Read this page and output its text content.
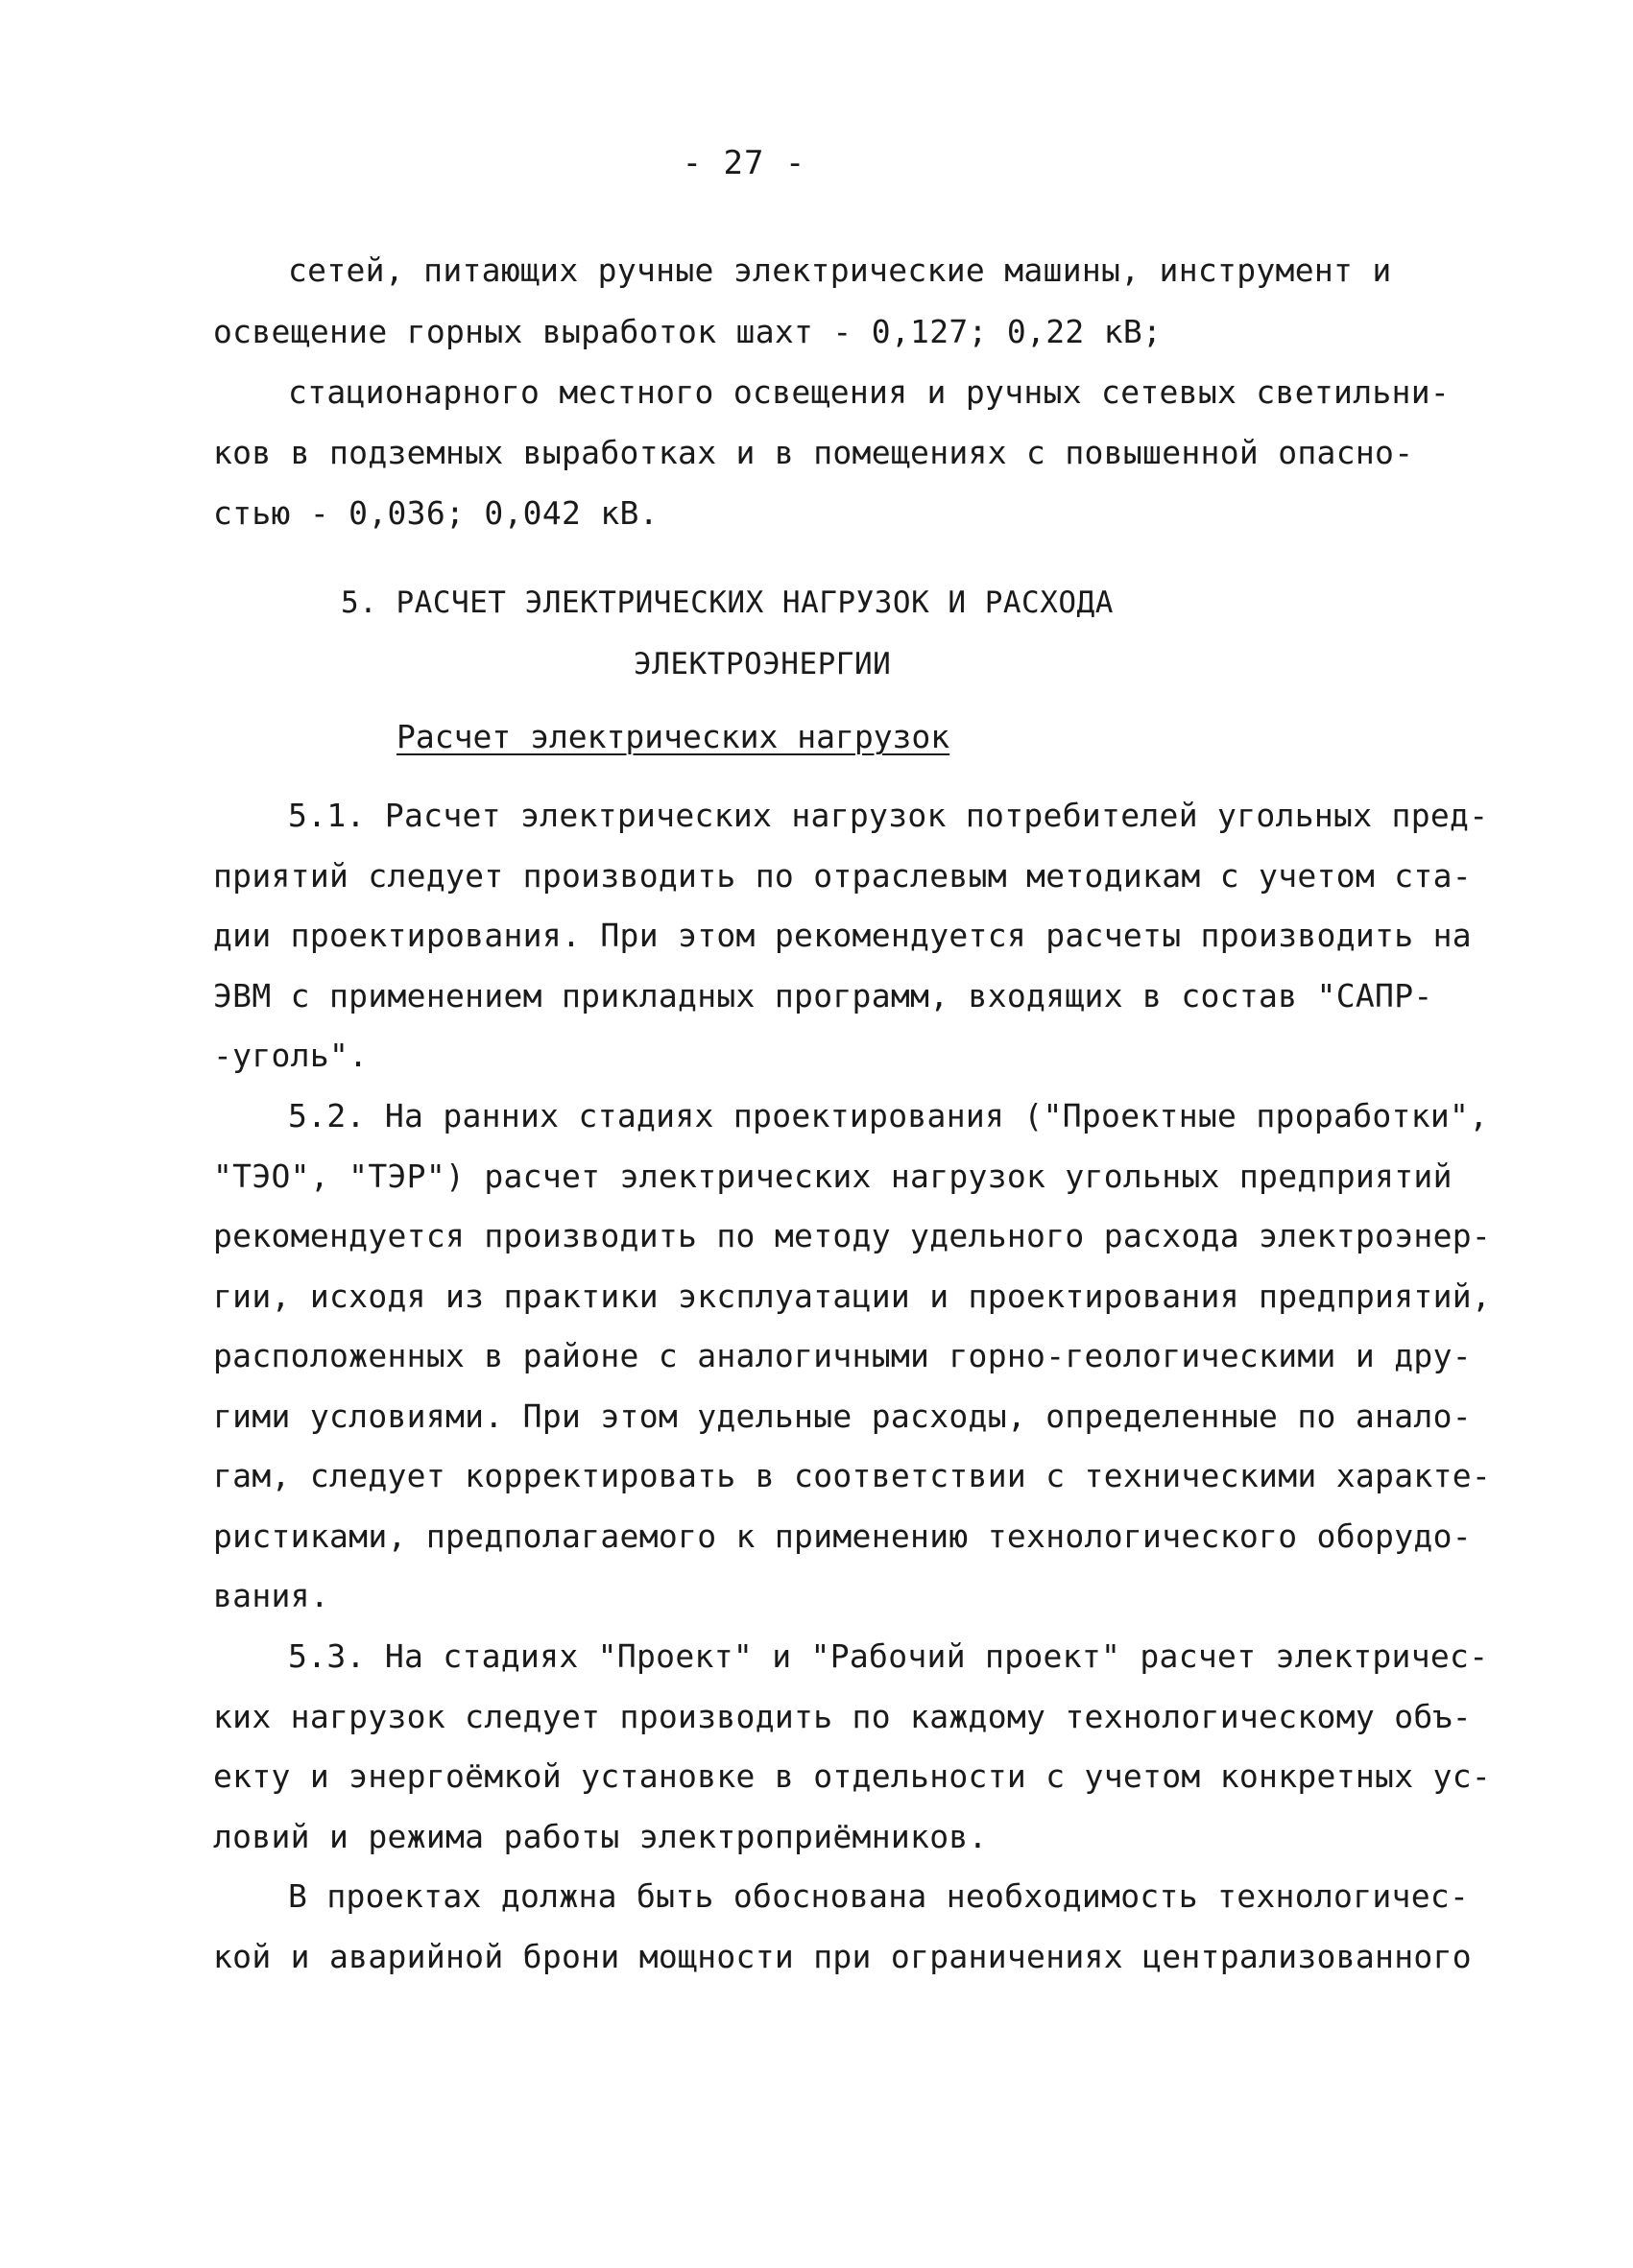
- 27 -
сетей, питающих ручные электрические машины, инструмент и
освещение горных выработок шахт - 0,127; 0,22 кВ;
стационарного местного освещения и ручных сетевых светильни-
ков в подземных выработках и в помещениях с повышенной опасно-
стью - 0,036; 0,042 кВ.
5. РАСЧЕТ ЭЛЕКТРИЧЕСКИХ НАГРУЗОК И РАСХОДА
ЭЛЕКТРОЭНЕРГИИ
Расчет электрических нагрузок
5.1. Расчет электрических нагрузок потребителей угольных пред-
приятий следует производить по отраслевым методикам с учетом ста-
дии проектирования. При этом рекомендуется расчеты производить на
ЭВМ с применением прикладных программ, входящих в состав "САПР-
-уголь".
5.2. На ранних стадиях проектирования ("Проектные проработки",
"ТЭО", "ТЭР") расчет электрических нагрузок угольных предприятий
рекомендуется производить по методу удельного расхода электроэнер-
гии, исходя из практики эксплуатации и проектирования предприятий,
расположенных в районе с аналогичными горно-геологическими и дру-
гими условиями. При этом удельные расходы, определенные по анало-
гам, следует корректировать в соответствии с техническими характе-
ристиками, предполагаемого к применению технологического оборудо-
вания.
5.3. На стадиях "Проект" и "Рабочий проект" расчет электричес-
ких нагрузок следует производить по каждому технологическому объ-
екту и энергоёмкой установке в отдельности с учетом конкретных ус-
ловий и режима работы электроприёмников.
В проектах должна быть обоснована необходимость технологичес-
кой и аварийной брони мощности при ограничениях централизованного
